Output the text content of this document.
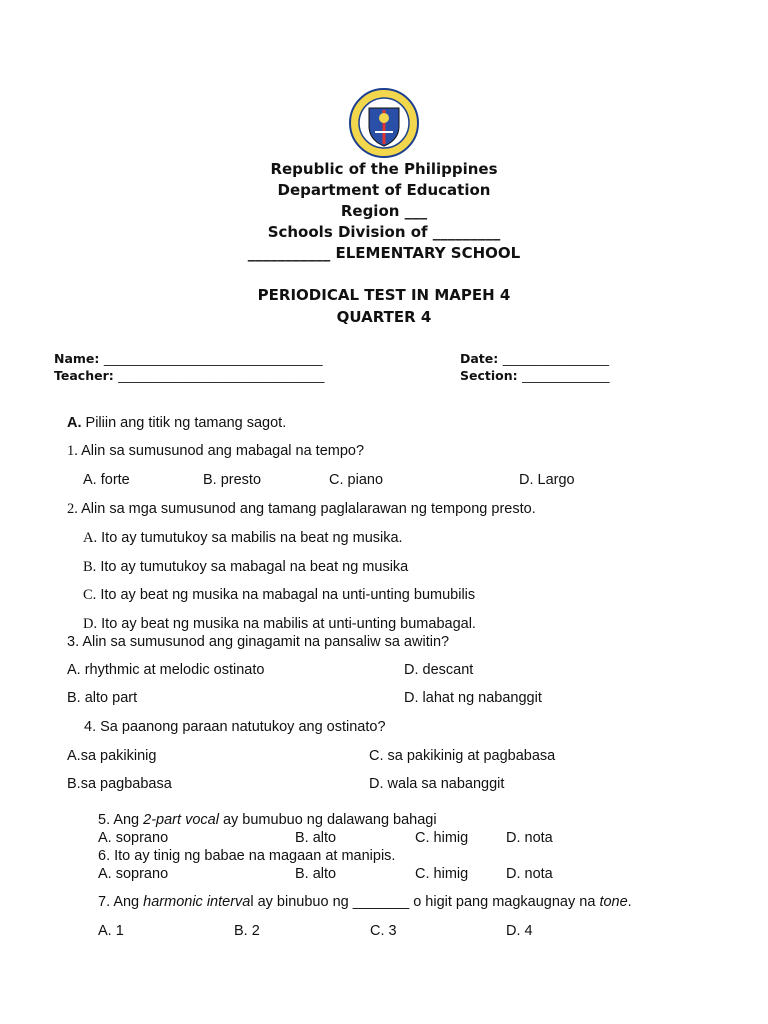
Republic of the Philippines
Department of Education
Region ___
Schools Division of _________
___________ ELEMENTARY SCHOOL
PERIODICAL TEST IN MAPEH 4
QUARTER 4
Name: ___________________________________
Teacher: _________________________________
Date: _________________
Section: ______________
A. Piliin ang titik ng tamang sagot.
1. Alin sa sumusunod ang mabagal na tempo?
A. forte	B. presto	C. piano	D. Largo
2. Alin sa mga sumusunod ang tamang paglalarawan ng tempong presto.
A. Ito ay tumutukoy sa mabilis na beat ng musika.
B. Ito ay tumutukoy sa mabagal na beat ng musika
C. Ito ay beat ng musika na mabagal na unti-unting bumubilis
D. Ito ay beat ng musika na mabilis at unti-unting bumabagal.
3. Alin sa sumusunod ang ginagamit na pansaliw sa awitin?
A. rhythmic at melodic ostinato	D. descant
B. alto part	D. lahat ng nabanggit
4. Sa paanong paraan natutukoy ang ostinato?
A.sa pakikinig	C. sa pakikinig at pagbabasa
B.sa pagbabasa	D. wala sa nabanggit
5. Ang 2-part vocal ay bumubuo ng dalawang bahagi
A. soprano	B. alto	C. himig	D. nota
6. Ito ay tinig ng babae na magaan at manipis.
A. soprano	B. alto	C. himig	D. nota
7. Ang harmonic interval ay binubuo ng _______ o higit pang magkaugnay na tone.
A. 1	B. 2	C. 3	D. 4
